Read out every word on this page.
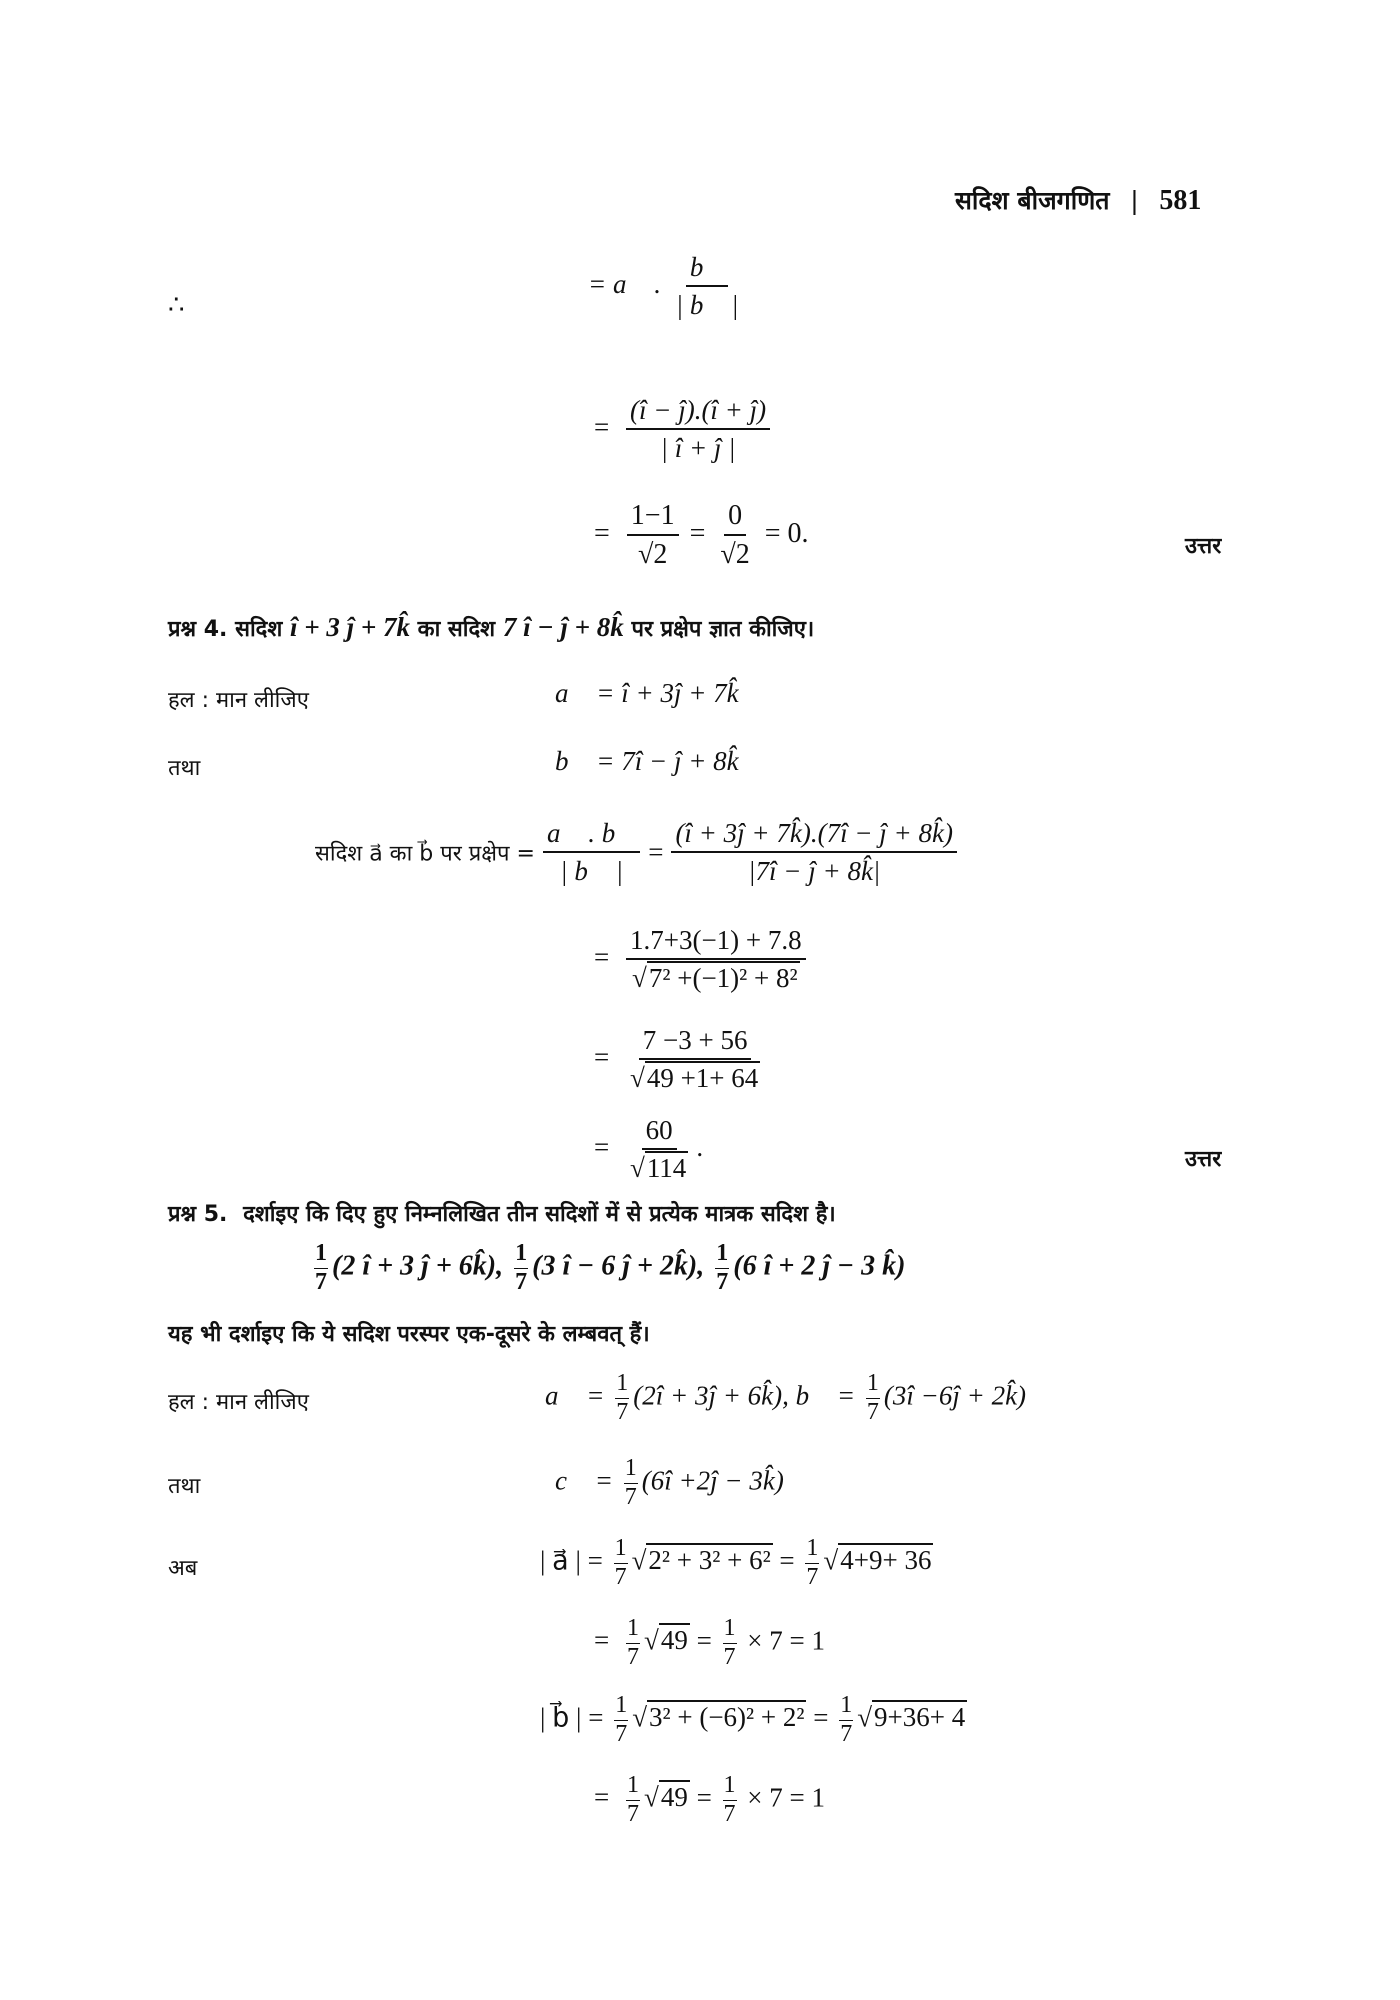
सदिश बीजगणित | 581
∴
= a⃗ . $\frac{b⃗}{| b⃗ |}$
= $\frac{(î - ĵ).(î + ĵ)}{| î + ĵ |}$
= $\frac{1-1}{√2} = \frac{0}{√2} = 0$.	उत्तर
प्रश्न 4. सदिश î + 3 ĵ + 7k̂ का सदिश 7 î − ĵ + 8k̂ पर प्रक्षेप ज्ञात कीजिए।
हल : मान लीजिए	a⃗ = î + 3ĵ + 7k̂
तथा	b⃗ = 7î − ĵ + 8k̂
सदिश a⃗ का b⃗ पर प्रक्षेप = $\frac{a⃗ . b⃗}{| b⃗ |} = \frac{(î + 3ĵ + 7k̂).(7î - ĵ + 8k̂)}{|7î - ĵ + 8k̂|}$
= $\frac{1.7+3(-1) + 7.8}{\text{√7² +(−1)² + 8²}}$
= $\frac{7 -3 + 56}{√49 +1+ 64}$
= $\frac{60}{√114}$ .	उत्तर
प्रश्न 5. दर्शाइए कि दिए हुए निम्नलिखित तीन सदिशों में से प्रत्येक मात्रक सदिश है।
$\frac{1}{7} (2$ î + 3 ĵ + 6k̂), $\frac{1}{7} (3$ î − 6 ĵ + 2k̂), $\frac{1}{7} (6$ î + 2 ĵ − 3 k̂)
यह भी दर्शाइए कि ये सदिश परस्पर एक-दूसरे के लम्बवत् हैं।
हल : मान लीजिए	a⃗ = $\frac{1}{7}$ (2î + 3ĵ + 6k̂), b⃗ = $\frac{1}{7}$ (3î −6ĵ + 2k̂)
तथा	c⃗ = $\frac{1}{7}$ (6î +2ĵ − 3k̂)
अब	| a⃗ | = $\frac{1}{7} √2^2 + 3^2 + 6^2 = \frac{1}{7} √4+9+ 36$
= $\frac{1}{7} √49 = \frac{1}{7} \times 7 = 1$
| b⃗ | = $\frac{1}{7} √3^2 + (-6)^2 + 2^2 = \frac{1}{7} √9+36+ 4$
= $\frac{1}{7} √49 = \frac{1}{7} \times 7 = 1$
